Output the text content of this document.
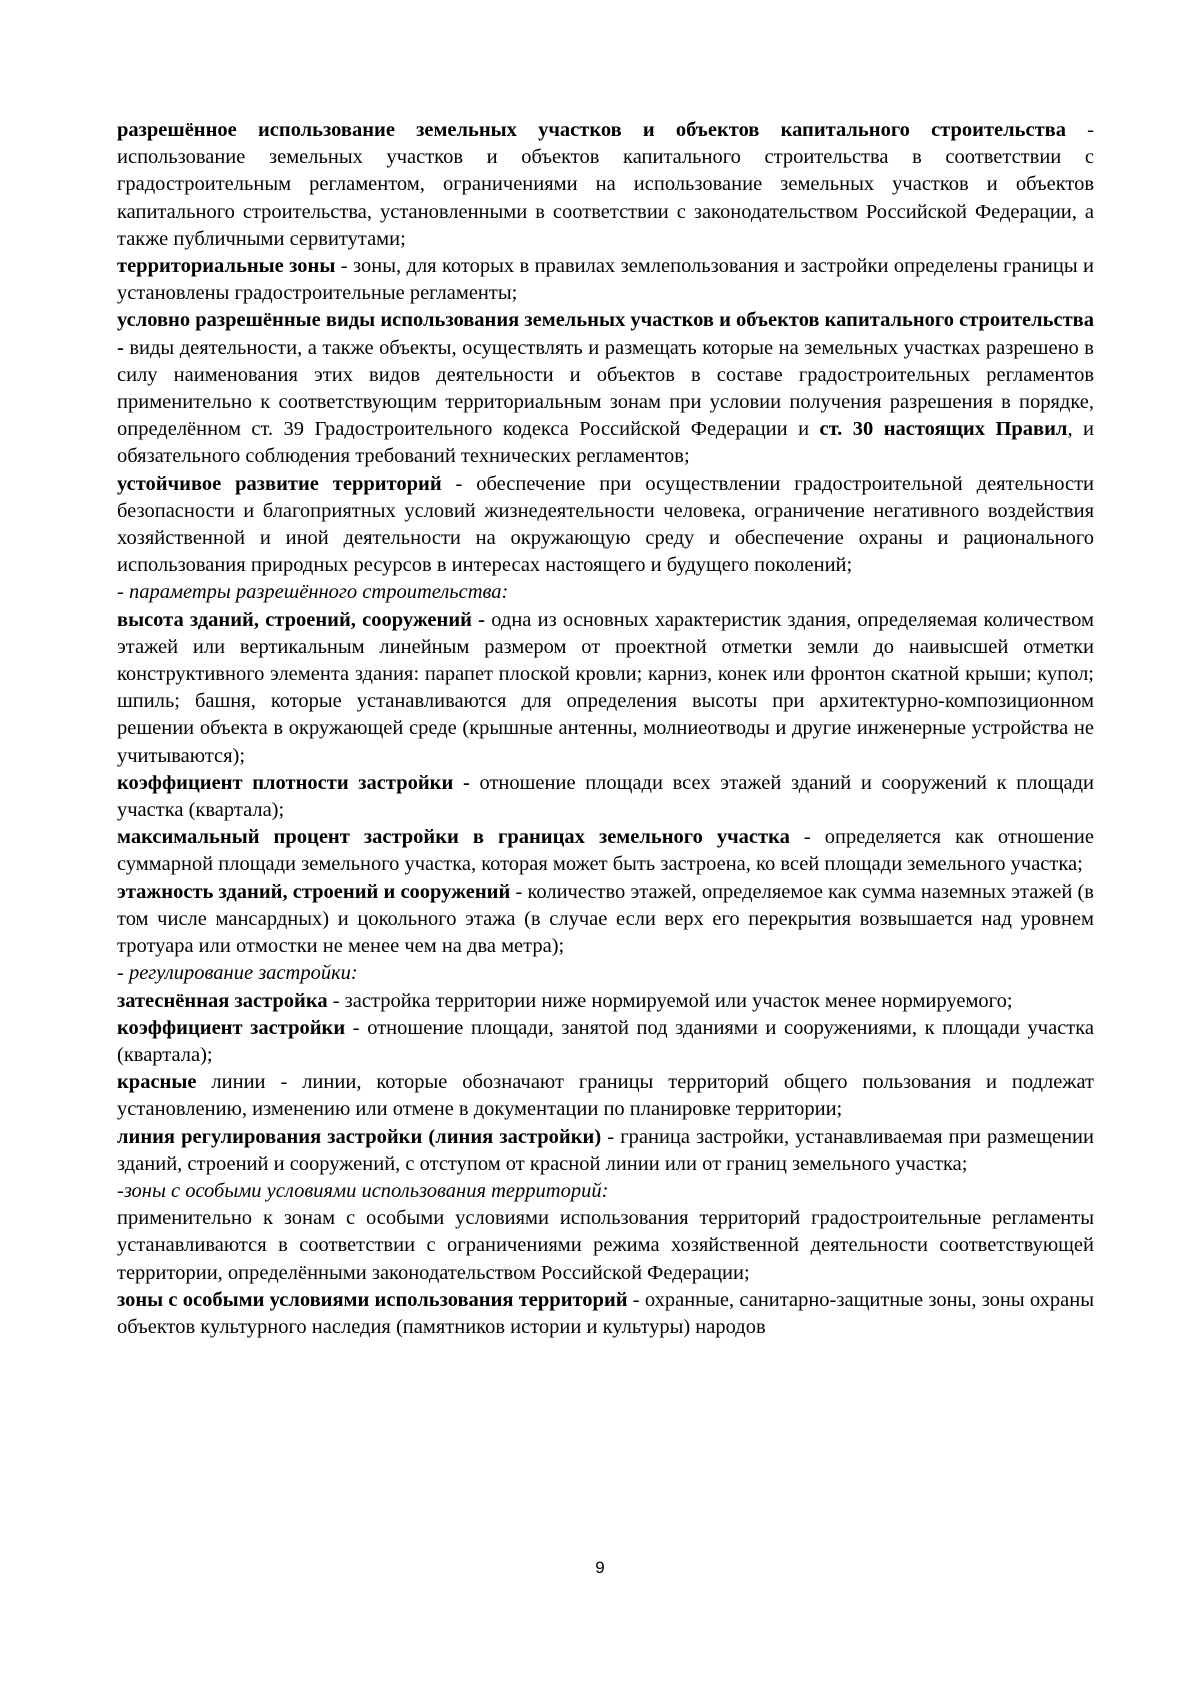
разрешённое использование земельных участков и объектов капитального строительства - использование земельных участков и объектов капитального строительства в соответствии с градостроительным регламентом, ограничениями на использование земельных участков и объектов капитального строительства, установленными в соответствии с законодательством Российской Федерации, а также публичными сервитутами;

территориальные зоны - зоны, для которых в правилах землепользования и застройки определены границы и установлены градостроительные регламенты;

условно разрешённые виды использования земельных участков и объектов капитального строительства - виды деятельности, а также объекты, осуществлять и размещать которые на земельных участках разрешено в силу наименования этих видов деятельности и объектов в составе градостроительных регламентов применительно к соответствующим территориальным зонам при условии получения разрешения в порядке, определённом ст. 39 Градостроительного кодекса Российской Федерации и ст. 30 настоящих Правил, и обязательного соблюдения требований технических регламентов;

устойчивое развитие территорий - обеспечение при осуществлении градостроительной деятельности безопасности и благоприятных условий жизнедеятельности человека, ограничение негативного воздействия хозяйственной и иной деятельности на окружающую среду и обеспечение охраны и рационального использования природных ресурсов в интересах настоящего и будущего поколений;

- параметры разрешённого строительства:

высота зданий, строений, сооружений - одна из основных характеристик здания, определяемая количеством этажей или вертикальным линейным размером от проектной отметки земли до наивысшей отметки конструктивного элемента здания: парапет плоской кровли; карниз, конек или фронтон скатной крыши; купол; шпиль; башня, которые устанавливаются для определения высоты при архитектурно-композиционном решении объекта в окружающей среде (крышные антенны, молниеотводы и другие инженерные устройства не учитываются);

коэффициент плотности застройки - отношение площади всех этажей зданий и сооружений к площади участка (квартала);

максимальный процент застройки в границах земельного участка - определяется как отношение суммарной площади земельного участка, которая может быть застроена, ко всей площади земельного участка;

этажность зданий, строений и сооружений - количество этажей, определяемое как сумма наземных этажей (в том числе мансардных) и цокольного этажа (в случае если верх его перекрытия возвышается над уровнем тротуара или отмостки не менее чем на два метра);

- регулирование застройки:

затеснённая застройка - застройка территории ниже нормируемой или участок менее нормируемого;

коэффициент застройки - отношение площади, занятой под зданиями и сооружениями, к площади участка (квартала);

красные линии - линии, которые обозначают границы территорий общего пользования и подлежат установлению, изменению или отмене в документации по планировке территории;

линия регулирования застройки (линия застройки) - граница застройки, устанавливаемая при размещении зданий, строений и сооружений, с отступом от красной линии или от границ земельного участка;

-зоны с особыми условиями использования территорий:

применительно к зонам с особыми условиями использования территорий градостроительные регламенты устанавливаются в соответствии с ограничениями режима хозяйственной деятельности соответствующей территории, определёнными законодательством Российской Федерации;

зоны с особыми условиями использования территорий - охранные, санитарно-защитные зоны, зоны охраны объектов культурного наследия (памятников истории и культуры) народов

9
